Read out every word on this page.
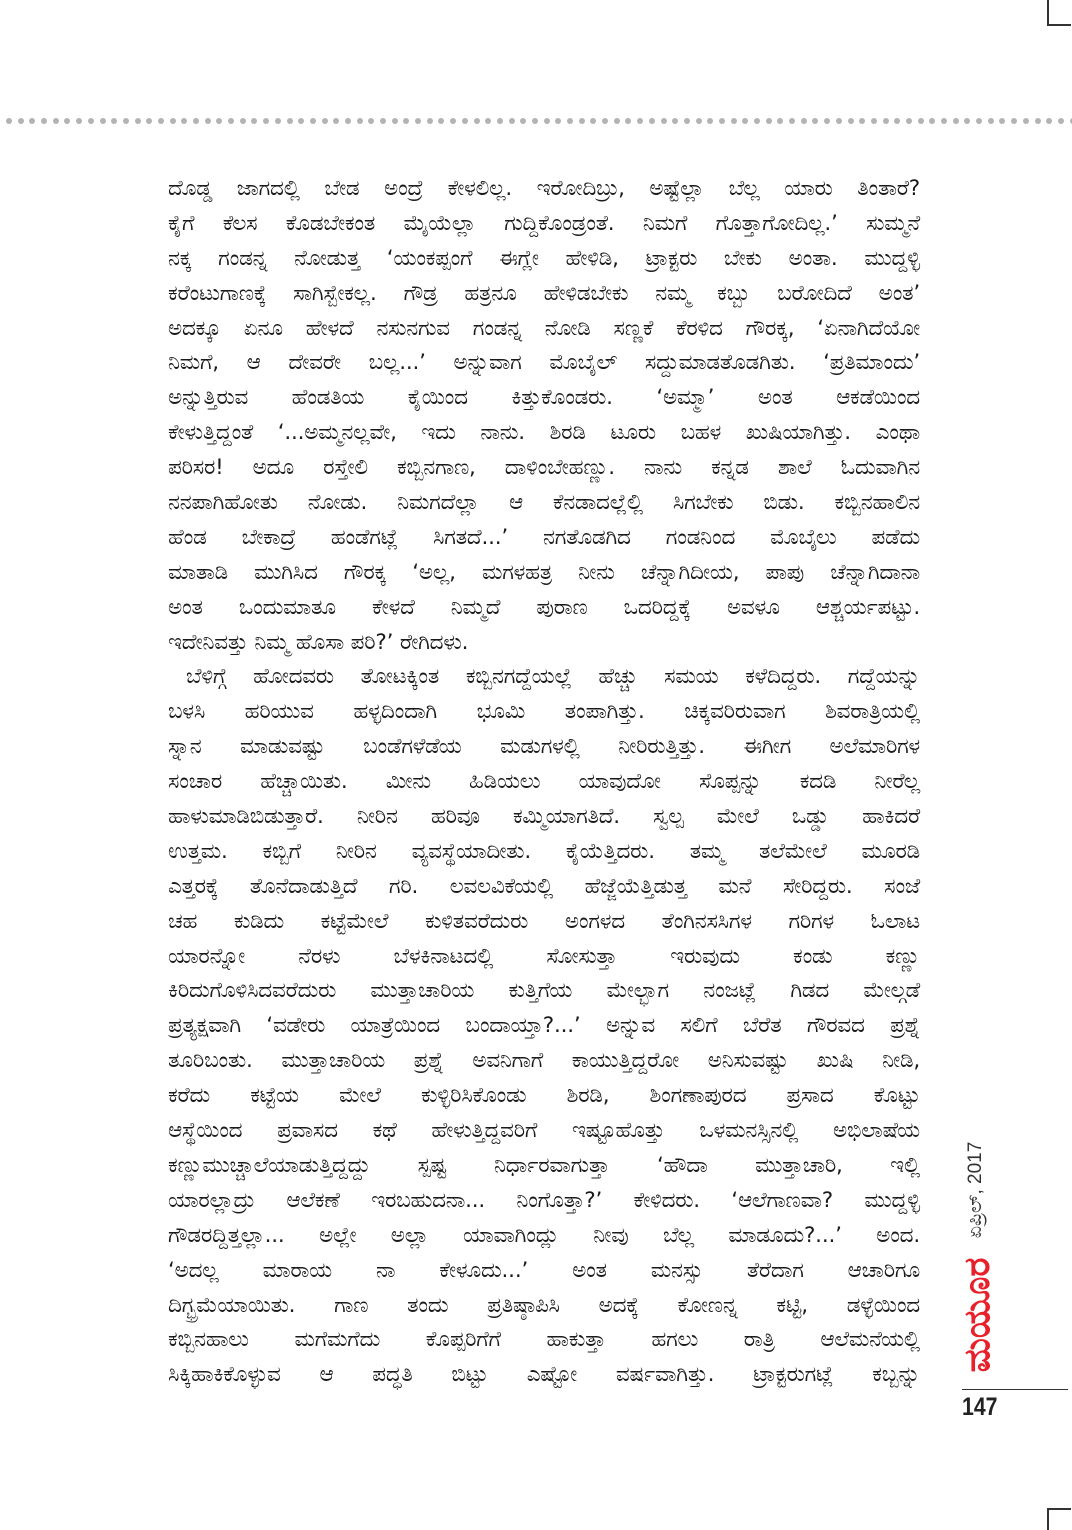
ದೊಡ್ಡ ಜಾಗದಲ್ಲಿ ಬೇಡ ಅಂದ್ರೆ ಕೇಳಲಿಲ್ಲ. ಇರೋದಿಬ್ರು, ಅಷ್ಟೆಲ್ಲಾ ಬೆಲ್ಲ ಯಾರು ತಿಂತಾರೆ?
ಕೈಗೆ ಕೆಲಸ ಕೊಡಬೇಕಂತ ಮೈಯೆಲ್ಲಾ ಗುದ್ದಿಕೊಂಡ್ರಂತೆ. ನಿಮಗೆ ಗೊತ್ತಾಗೋದಿಲ್ಲ.’ ಸುಮ್ಮನೆ
ನಕ್ಕ ಗಂಡನ್ನ ನೋಡುತ್ತ ‘ಯಂಕಪ್ಪಂಗೆ ಈಗ್ಲೇ ಹೇಳಿಡಿ, ಟ್ರಾಕ್ಟರು ಬೇಕು ಅಂತಾ. ಮುದ್ದಳ್ಳಿ
ಕರೆಂಟುಗಾಣಕ್ಕೆ ಸಾಗಿಸ್ಬೇಕಲ್ಲ. ಗೌಡ್ರ ಹತ್ರನೂ ಹೇಳಿಡಬೇಕು ನಮ್ಮ ಕಬ್ಬು ಬರೋದಿದೆ ಅಂತ’
ಅದಕ್ಕೂ ಏನೂ ಹೇಳದೆ ನಸುನಗುವ ಗಂಡನ್ನ ನೋಡಿ ಸಣ್ಣಕೆ ಕೆರಳಿದ ಗೌರಕ್ಕ, ‘ಏನಾಗಿದೆಯೋ
ನಿಮಗೆ, ಆ ದೇವರೇ ಬಲ್ಲ...’ ಅನ್ನುವಾಗ ಮೊಬೈಲ್ ಸದ್ದುಮಾಡತೊಡಗಿತು. ‘ಪ್ರತಿಮಾಂದು’
ಅನ್ನುತ್ತಿರುವ ಹೆಂಡತಿಯ ಕೈಯಿಂದ ಕಿತ್ತುಕೊಂಡರು. ‘ಅಮ್ಮಾ’ ಅಂತ ಆಕಡೆಯಿಂದ
ಕೇಳುತ್ತಿದ್ದಂತೆ ‘...ಅಮ್ಮನಲ್ಲವೇ, ಇದು ನಾನು. ಶಿರಡಿ ಟೂರು ಬಹಳ ಖುಷಿಯಾಗಿತ್ತು. ಎಂಥಾ
ಪರಿಸರ! ಅದೂ ರಸ್ತೇಲಿ ಕಬ್ಬಿನಗಾಣ, ದಾಳಿಂಬೇಹಣ್ಣು. ನಾನು ಕನ್ನಡ ಶಾಲೆ ಓದುವಾಗಿನ
ನನಪಾಗಿಹೋತು ನೋಡು. ನಿಮಗದೆಲ್ಲಾ ಆ ಕೆನಡಾದಲ್ಲೆಲ್ಲಿ ಸಿಗಬೇಕು ಬಿಡು. ಕಬ್ಬಿನಹಾಲಿನ
ಹೆಂಡ ಬೇಕಾದ್ರೆ ಹಂಡೆಗಟ್ಲೆ ಸಿಗತದೆ...’ ನಗತೊಡಗಿದ ಗಂಡನಿಂದ ಮೊಬೈಲು ಪಡೆದು
ಮಾತಾಡಿ ಮುಗಿಸಿದ ಗೌರಕ್ಕ ‘ಅಲ್ಲ, ಮಗಳಹತ್ರ ನೀನು ಚೆನ್ನಾಗಿದೀಯ, ಪಾಪು ಚೆನ್ನಾಗಿದಾನಾ
ಅಂತ ಒಂದುಮಾತೂ ಕೇಳದೆ ನಿಮ್ಮದೆ ಪುರಾಣ ಒದರಿದ್ದಕ್ಕೆ ಅವಳೂ ಆಶ್ಚರ್ಯಪಟ್ಟು.
ಇದೇನಿವತ್ತು ನಿಮ್ಮ ಹೊಸಾ ಪರಿ?’ ರೇಗಿದಳು.
ಬೆಳಿಗ್ಗೆ ಹೋದವರು ತೋಟಕ್ಕಿಂತ ಕಬ್ಬಿನಗದ್ದೆಯಲ್ಲೆ ಹೆಚ್ಚು ಸಮಯ ಕಳೆದಿದ್ದರು. ಗದ್ದೆಯನ್ನು
ಬಳಸಿ ಹರಿಯುವ ಹಳ್ಳದಿಂದಾಗಿ ಭೂಮಿ ತಂಪಾಗಿತ್ತು. ಚಿಕ್ಕವರಿರುವಾಗ ಶಿವರಾತ್ರಿಯಲ್ಲಿ
ಸ್ನಾನ ಮಾಡುವಷ್ಟು ಬಂಡೆಗಳೆಡೆಯ ಮಡುಗಳಲ್ಲಿ ನೀರಿರುತ್ತಿತ್ತು. ಈಗೀಗ ಅಲೆಮಾರಿಗಳ
ಸಂಚಾರ ಹೆಚ್ಚಾಯಿತು. ಮೀನು ಹಿಡಿಯಲು ಯಾವುದೋ ಸೊಪ್ಪನ್ನು ಕದಡಿ ನೀರೆಲ್ಲ
ಹಾಳುಮಾಡಿಬಿಡುತ್ತಾರೆ. ನೀರಿನ ಹರಿವೂ ಕಮ್ಮಿಯಾಗತಿದೆ. ಸ್ವಲ್ಪ ಮೇಲೆ ಒಡ್ಡು ಹಾಕಿದರೆ
ಉತ್ತಮ. ಕಬ್ಬಿಗೆ ನೀರಿನ ವ್ಯವಸ್ಥೆಯಾದೀತು. ಕೈಯೆತ್ತಿದರು. ತಮ್ಮ ತಲೆಮೇಲೆ ಮೂರಡಿ
ಎತ್ತರಕ್ಕೆ ತೊನೆದಾಡುತ್ತಿದೆ ಗರಿ. ಲವಲವಿಕೆಯಲ್ಲಿ ಹೆಜ್ಜೆಯೆತ್ತಿಡುತ್ತ ಮನೆ ಸೇರಿದ್ದರು. ಸಂಜೆ
ಚಹ ಕುಡಿದು ಕಟ್ಟೆಮೇಲೆ ಕುಳಿತವರೆದುರು ಅಂಗಳದ ತೆಂಗಿನಸಸಿಗಳ ಗರಿಗಳ ಓಲಾಟ
ಯಾರನ್ನೋ ನೆರಳು ಬೆಳಕಿನಾಟದಲ್ಲಿ ಸೋಸುತ್ತಾ ಇರುವುದು ಕಂಡು ಕಣ್ಣು
ಕಿರಿದುಗೊಳಿಸಿದವರೆದುರು ಮುತ್ತಾಚಾರಿಯ ಕುತ್ತಿಗೆಯ ಮೇಲ್ಭಾಗ ನಂಜಟ್ಲೆ ಗಿಡದ ಮೇಲ್ಗಡೆ
ಪ್ರತ್ಯಕ್ಷವಾಗಿ ‘ವಡೇರು ಯಾತ್ರೆಯಿಂದ ಬಂದಾಯ್ತಾ?...’ ಅನ್ನುವ ಸಲಿಗೆ ಬೆರೆತ ಗೌರವದ ಪ್ರಶ್ನೆ
ತೂರಿಬಂತು. ಮುತ್ತಾಚಾರಿಯ ಪ್ರಶ್ನೆ ಅವನಿಗಾಗೆ ಕಾಯುತ್ತಿದ್ದರೋ ಅನಿಸುವಷ್ಟು ಖುಷಿ ನೀಡಿ,
ಕರೆದು ಕಟ್ಟೆಯ ಮೇಲೆ ಕುಳ್ಳಿರಿಸಿಕೊಂಡು ಶಿರಡಿ, ಶಿಂಗಣಾಪುರದ ಪ್ರಸಾದ ಕೊಟ್ಟು
ಆಸ್ಥೆಯಿಂದ ಪ್ರವಾಸದ ಕಥೆ ಹೇಳುತ್ತಿದ್ದವರಿಗೆ ಇಷ್ಟೂಹೊತ್ತು ಒಳಮನಸ್ಸಿನಲ್ಲಿ ಅಭಿಲಾಷೆಯ
ಕಣ್ಣುಮುಚ್ಚಾಲೆಯಾಡುತ್ತಿದ್ದದ್ದು ಸ್ಪಷ್ಟ ನಿರ್ಧಾರವಾಗುತ್ತಾ ‘ಹೌದಾ ಮುತ್ತಾಚಾರಿ, ಇಲ್ಲಿ
ಯಾರಲ್ಲಾದ್ರು ಆಲೆಕಣೆ ಇರಬಹುದನಾ... ನಿಂಗೊತ್ತಾ?’ ಕೇಳಿದರು. ‘ಆಲೆಗಾಣವಾ? ಮುದ್ದಳ್ಳಿ
ಗೌಡರದ್ದಿತ್ತಲ್ಲಾ... ಅಲ್ಲೇ ಅಲ್ಲಾ ಯಾವಾಗಿಂದ್ಲು ನೀವು ಬೆಲ್ಲ ಮಾಡೂದು?...’ ಅಂದ.
‘ಅದಲ್ಲ ಮಾರಾಯ ನಾ ಕೇಳೂದು...’ ಅಂತ ಮನಸ್ಸು ತೆರೆದಾಗ ಆಚಾರಿಗೂ
ದಿಗ್ಭ್ರಮೆಯಾಯಿತು. ಗಾಣ ತಂದು ಪ್ರತಿಷ್ಠಾಪಿಸಿ ಅದಕ್ಕೆ ಕೋಣನ್ನ ಕಟ್ಟಿ, ಡಳ್ಳೆಯಿಂದ
ಕಬ್ಬಿನಹಾಲು ಮಗೆಮಗೆದು ಕೊಪ್ಪರಿಗೆಗೆ ಹಾಕುತ್ತಾ ಹಗಲು ರಾತ್ರಿ ಆಲೆಮನೆಯಲ್ಲಿ
ಸಿಕ್ಕಿಹಾಕಿಕೊಳ್ಳುವ ಆ ಪದ್ಧತಿ ಬಿಟ್ಟು ಎಷ್ಟೋ ವರ್ಷವಾಗಿತ್ತು. ಟ್ರಾಕ್ಟರುಗಟ್ಲೆ ಕಬ್ಬನ್ನು
ಏಪ್ರಿಲ್, 2017
ಮಯೂರ
147
